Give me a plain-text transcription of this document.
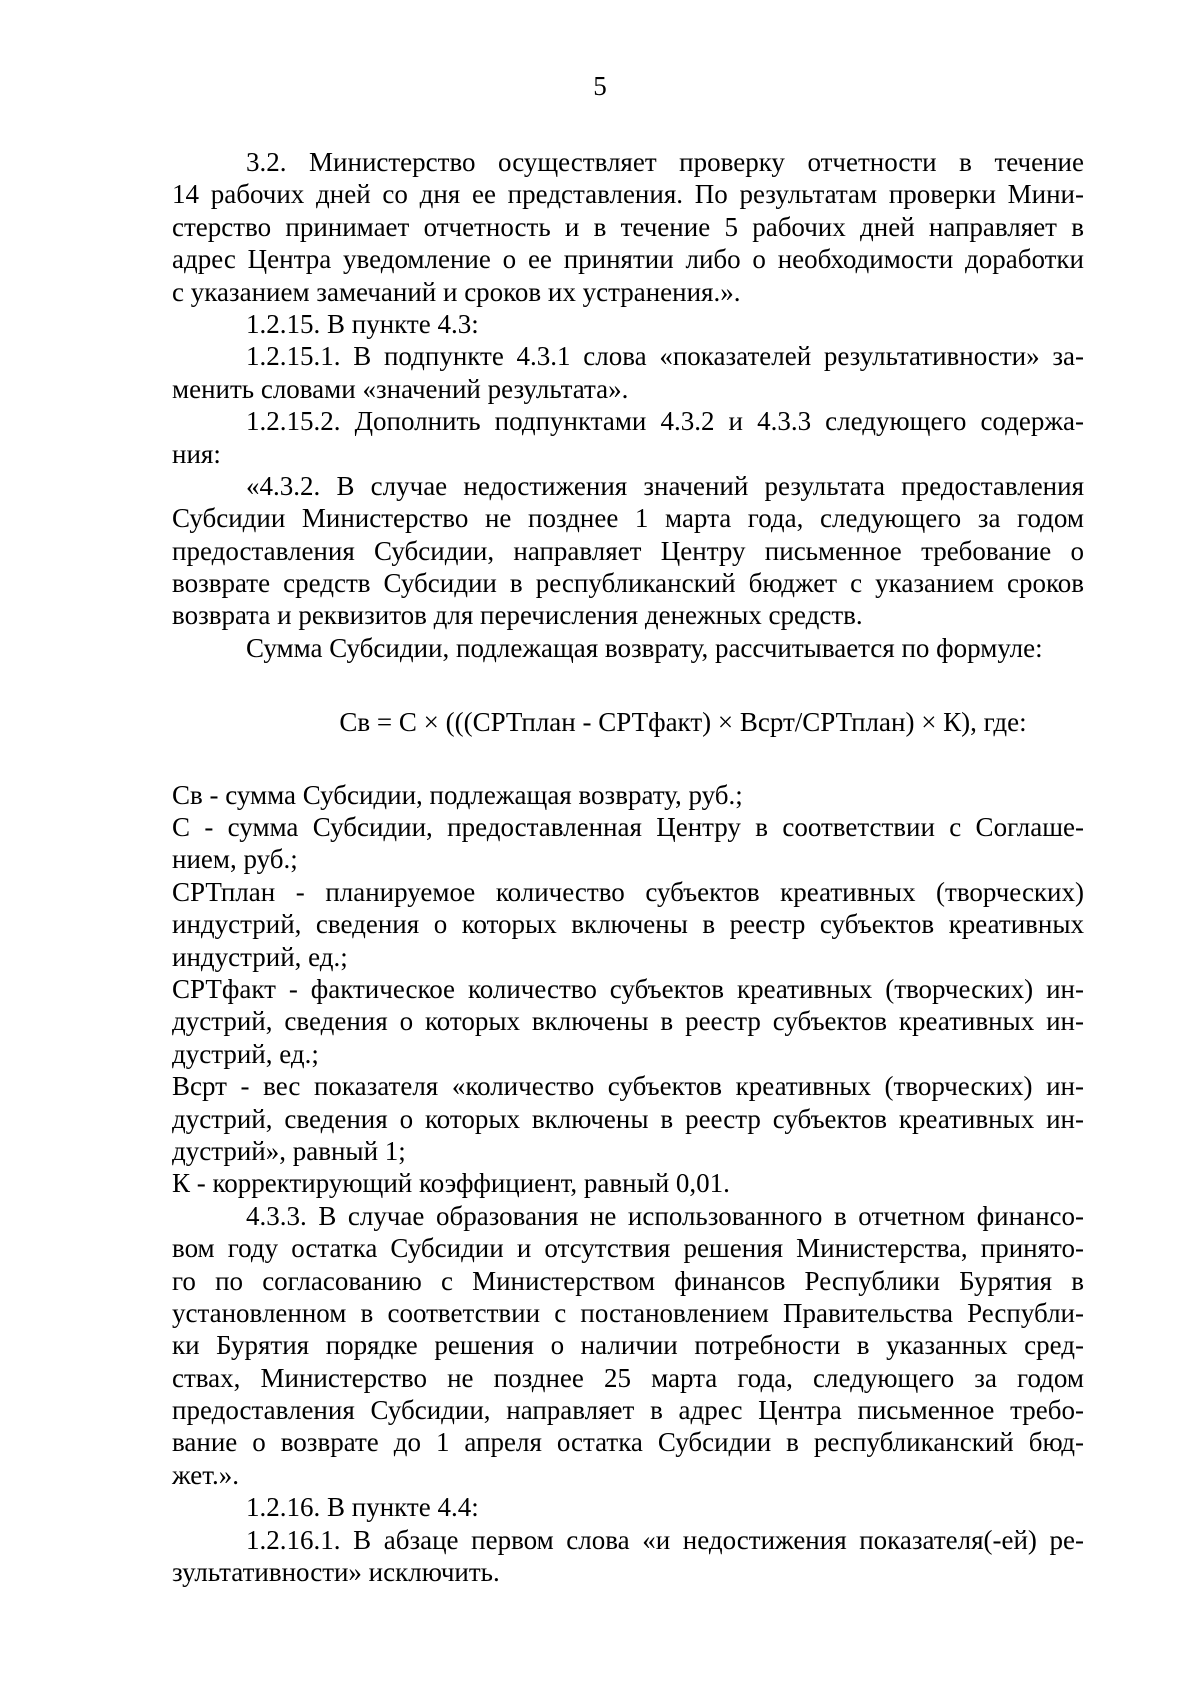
5
3.2. Министерство осуществляет проверку отчетности в течение
14 рабочих дней со дня ее представления. По результатам проверки Мини-
стерство принимает отчетность и в течение 5 рабочих дней направляет в
адрес Центра уведомление о ее принятии либо о необходимости доработки
с указанием замечаний и сроков их устранения.».
1.2.15. В пункте 4.3:
1.2.15.1. В подпункте 4.3.1 слова «показателей результативности» за-
менить словами «значений результата».
1.2.15.2. Дополнить подпунктами 4.3.2 и 4.3.3 следующего содержа-
ния:
«4.3.2. В случае недостижения значений результата предоставления
Субсидии Министерство не позднее 1 марта года, следующего за годом
предоставления Субсидии, направляет Центру письменное требование о
возврате средств Субсидии в республиканский бюджет с указанием сроков
возврата и реквизитов для перечисления денежных средств.
Сумма Субсидии, подлежащая возврату, рассчитывается по формуле:
Св = С × (((СРТплан - СРТфакт) × Всрт/СРТплан) × К), где:
Св - сумма Субсидии, подлежащая возврату, руб.;
С - сумма Субсидии, предоставленная Центру в соответствии с Соглаше-
нием, руб.;
СРТплан - планируемое количество субъектов креативных (творческих)
индустрий, сведения о которых включены в реестр субъектов креативных
индустрий, ед.;
СРТфакт - фактическое количество субъектов креативных (творческих) ин-
дустрий, сведения о которых включены в реестр субъектов креативных ин-
дустрий, ед.;
Всрт - вес показателя «количество субъектов креативных (творческих) ин-
дустрий, сведения о которых включены в реестр субъектов креативных ин-
дустрий», равный 1;
К - корректирующий коэффициент, равный 0,01.
4.3.3. В случае образования не использованного в отчетном финансо-
вом году остатка Субсидии и отсутствия решения Министерства, принято-
го по согласованию с Министерством финансов Республики Бурятия в
установленном в соответствии с постановлением Правительства Республи-
ки Бурятия порядке решения о наличии потребности в указанных сред-
ствах, Министерство не позднее 25 марта года, следующего за годом
предоставления Субсидии, направляет в адрес Центра письменное требо-
вание о возврате до 1 апреля остатка Субсидии в республиканский бюд-
жет.».
1.2.16. В пункте 4.4:
1.2.16.1. В абзаце первом слова «и недостижения показателя(-ей) ре-
зультативности» исключить.
